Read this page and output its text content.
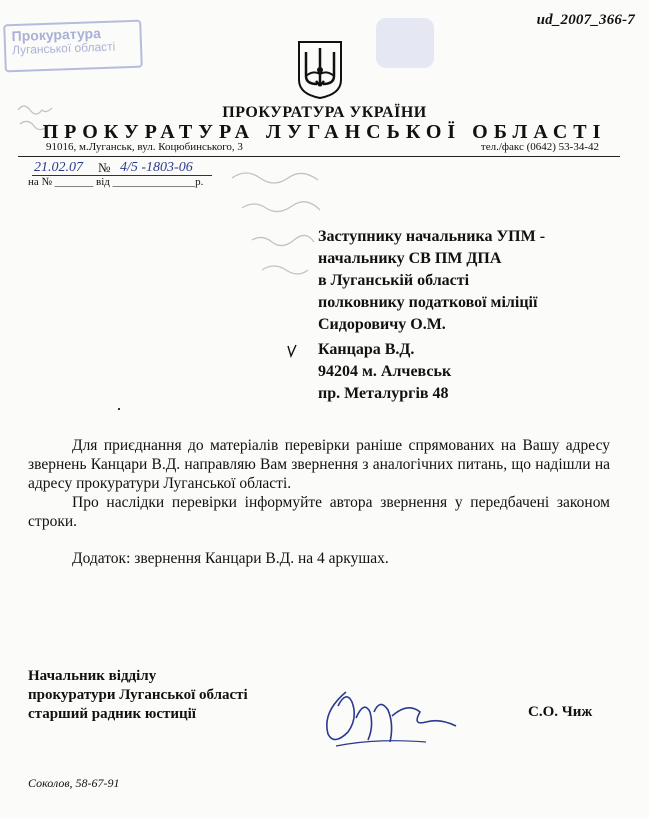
ud_2007_366-7
Прокуратура
Луганської області
ПРОКУРАТУРА УКРАЇНИ
ПРОКУРАТУРА ЛУГАНСЬКОЇ ОБЛАСТІ
91016, м.Луганськ, вул. Коцюбинського, 3	тел./факс (0642) 53-34-42
21.02.07 № 4/5 -1803-06
на № _______ від _______________р.
Заступнику начальника УПМ -
начальнику СВ ПМ ДПА
в Луганській області
полковнику податкової міліції
Сидоровичу О.М.
Канцара В.Д.
94204 м. Алчевськ
пр. Металургів 48

Для приєднання до матеріалів перевірки раніше спрямованих на Вашу адресу звернень Канцари В.Д. направляю Вам звернення з аналогічних питань, що надішли на адресу прокуратури Луганської області.

Про наслідки перевірки інформуйте автора звернення у передбачені законом строки.

Додаток: звернення Канцари В.Д. на 4 аркушах.

Начальник відділу
прокуратури Луганської області
старший радник юстиції	С.О. Чиж
Соколов, 58-67-91
